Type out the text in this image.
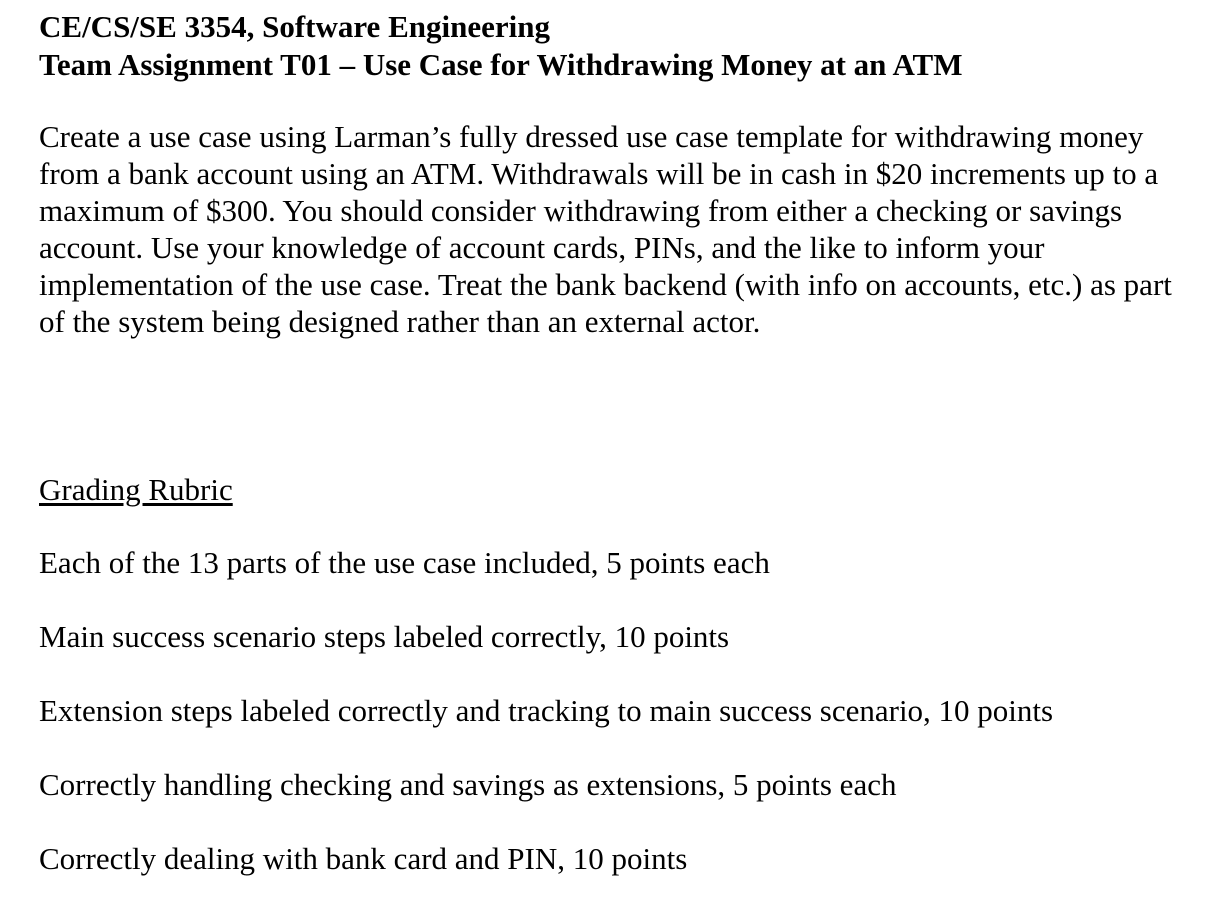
CE/CS/SE 3354, Software Engineering

Team Assignment T01 – Use Case for Withdrawing Money at an ATM

Create a use case using Larman’s fully dressed use case template for withdrawing money from a bank account using an ATM. Withdrawals will be in cash in $20 increments up to a maximum of $300. You should consider withdrawing from either a checking or savings account. Use your knowledge of account cards, PINs, and the like to inform your implementation of the use case. Treat the bank backend (with info on accounts, etc.) as part of the system being designed rather than an external actor.

Grading Rubric

Each of the 13 parts of the use case included, 5 points each
Main success scenario steps labeled correctly, 10 points
Extension steps labeled correctly and tracking to main success scenario, 10 points
Correctly handling checking and savings as extensions, 5 points each
Correctly dealing with bank card and PIN, 10 points
